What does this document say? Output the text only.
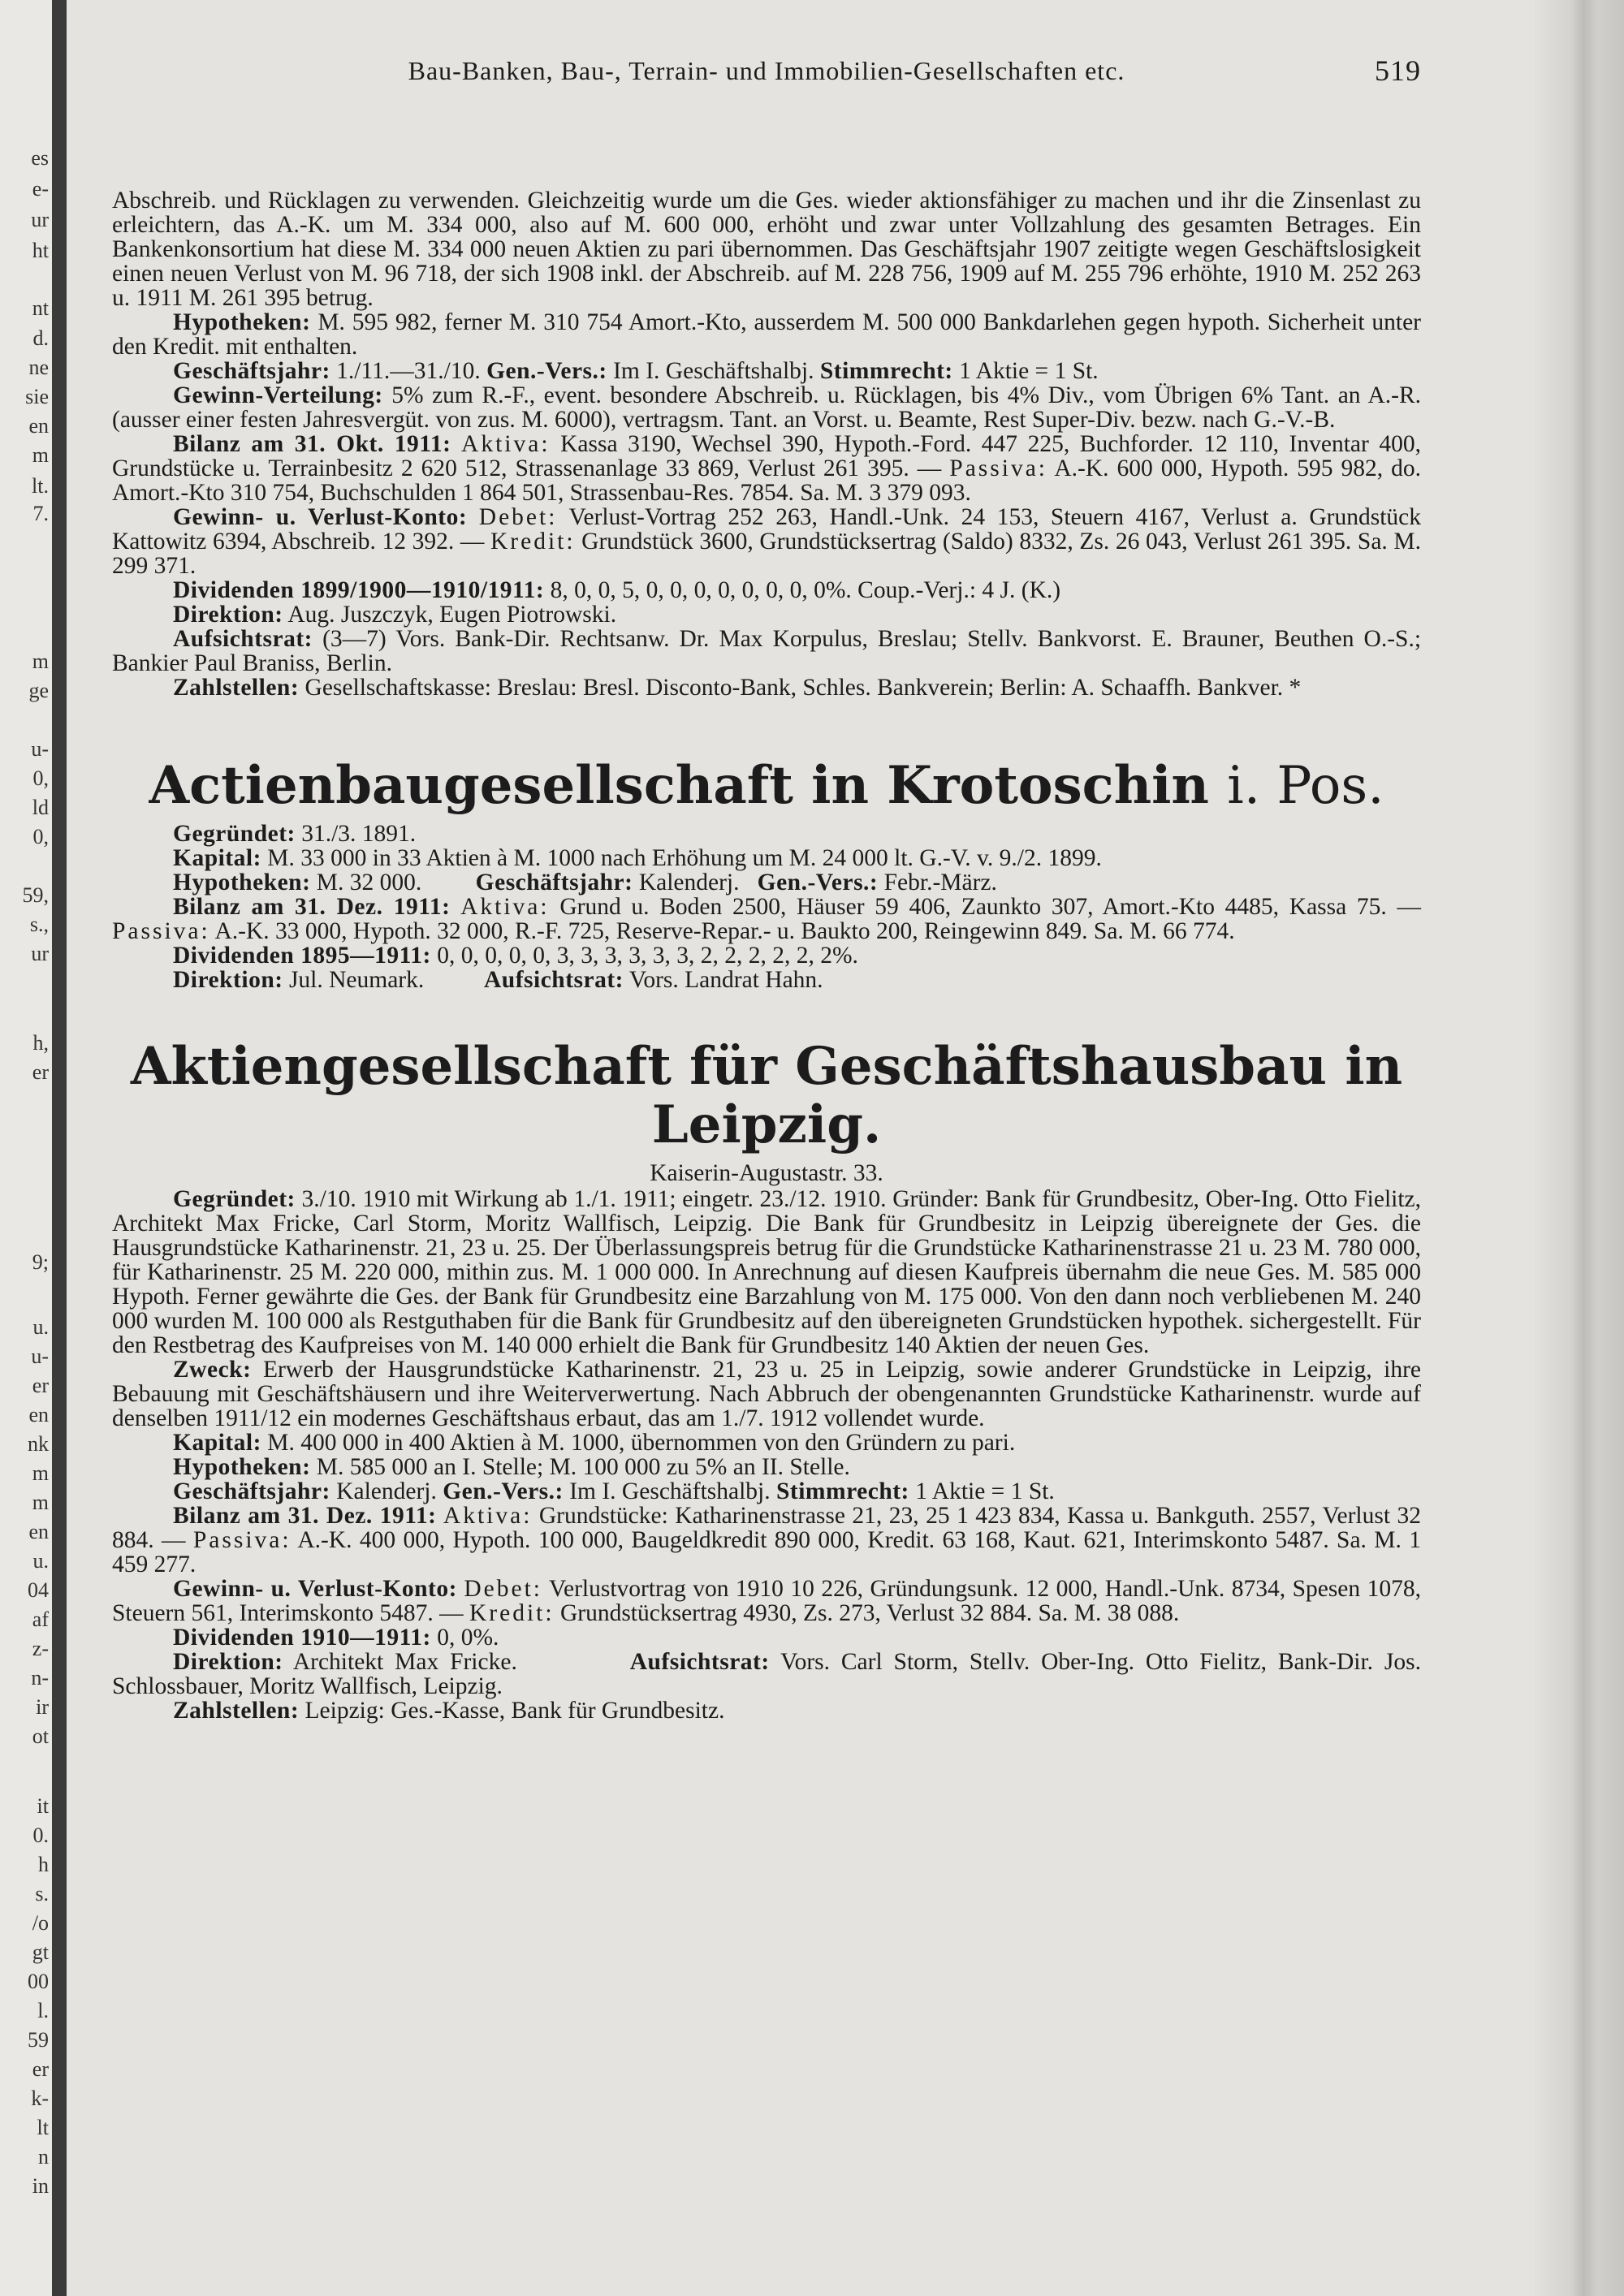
es
e-
ur
ht
nt
d.
ne
sie
en
m
lt.
7.
m
ge
u-
0,
ld
0,
59,
s.,
ur
h,
er
9;
u.
u-
er
en
nk
m
m
en
u.
04
af
z-
n-
ir
ot
it
0.
h
s.
/o
gt
00
l.
59
er
k-
lt
n
in
Bau-Banken, Bau-, Terrain- und Immobilien-Gesellschaften etc.	519

Abschreib. und Rücklagen zu verwenden. Gleichzeitig wurde um die Ges. wieder aktionsfähiger zu machen und ihr die Zinsenlast zu erleichtern, das A.-K. um M. 334 000, also auf M. 600 000, erhöht und zwar unter Vollzahlung des gesamten Betrages. Ein Bankenkonsortium hat diese M. 334 000 neuen Aktien zu pari übernommen. Das Geschäftsjahr 1907 zeitigte wegen Geschäftslosigkeit einen neuen Verlust von M. 96 718, der sich 1908 inkl. der Abschreib. auf M. 228 756, 1909 auf M. 255 796 erhöhte, 1910 M. 252 263 u. 1911 M. 261 395 betrug.

Hypotheken: M. 595 982, ferner M. 310 754 Amort.-Kto, ausserdem M. 500 000 Bankdarlehen gegen hypoth. Sicherheit unter den Kredit. mit enthalten.

Geschäftsjahr: 1./11.—31./10. Gen.-Vers.: Im I. Geschäftshalbj. Stimmrecht: 1 Aktie = 1 St.

Gewinn-Verteilung: 5% zum R.-F., event. besondere Abschreib. u. Rücklagen, bis 4% Div., vom Übrigen 6% Tant. an A.-R. (ausser einer festen Jahresvergüt. von zus. M. 6000), vertragsm. Tant. an Vorst. u. Beamte, Rest Super-Div. bezw. nach G.-V.-B.

Bilanz am 31. Okt. 1911: Aktiva: Kassa 3190, Wechsel 390, Hypoth.-Ford. 447 225, Buchforder. 12 110, Inventar 400, Grundstücke u. Terrainbesitz 2 620 512, Strassenanlage 33 869, Verlust 261 395. — Passiva: A.-K. 600 000, Hypoth. 595 982, do. Amort.-Kto 310 754, Buchschulden 1 864 501, Strassenbau-Res. 7854. Sa. M. 3 379 093.

Gewinn- u. Verlust-Konto: Debet: Verlust-Vortrag 252 263, Handl.-Unk. 24 153, Steuern 4167, Verlust a. Grundstück Kattowitz 6394, Abschreib. 12 392. — Kredit: Grundstück 3600, Grundstücksertrag (Saldo) 8332, Zs. 26 043, Verlust 261 395. Sa. M. 299 371.

Dividenden 1899/1900—1910/1911: 8, 0, 0, 5, 0, 0, 0, 0, 0, 0, 0, 0%. Coup.-Verj.: 4 J. (K.)

Direktion: Aug. Juszczyk, Eugen Piotrowski.

Aufsichtsrat: (3—7) Vors. Bank-Dir. Rechtsanw. Dr. Max Korpulus, Breslau; Stellv. Bankvorst. E. Brauner, Beuthen O.-S.; Bankier Paul Braniss, Berlin.

Zahlstellen: Gesellschaftskasse: Breslau: Bresl. Disconto-Bank, Schles. Bankverein; Berlin: A. Schaaffh. Bankver. *

Actienbaugesellschaft in Krotoschin i. Pos.

Gegründet: 31./3. 1891.

Kapital: M. 33 000 in 33 Aktien à M. 1000 nach Erhöhung um M. 24 000 lt. G.-V. v. 9./2. 1899.

Hypotheken: M. 32 000. Geschäftsjahr: Kalenderj. Gen.-Vers.: Febr.-März.

Bilanz am 31. Dez. 1911: Aktiva: Grund u. Boden 2500, Häuser 59 406, Zaunkto 307, Amort.-Kto 4485, Kassa 75. — Passiva: A.-K. 33 000, Hypoth. 32 000, R.-F. 725, Reserve-Repar.- u. Baukto 200, Reingewinn 849. Sa. M. 66 774.

Dividenden 1895—1911: 0, 0, 0, 0, 0, 3, 3, 3, 3, 3, 3, 2, 2, 2, 2, 2, 2%.

Direktion: Jul. Neumark.	Aufsichtsrat: Vors. Landrat Hahn.

Aktiengesellschaft für Geschäftshausbau in Leipzig.

Kaiserin-Augustastr. 33.

Gegründet: 3./10. 1910 mit Wirkung ab 1./1. 1911; eingetr. 23./12. 1910. Gründer: Bank für Grundbesitz, Ober-Ing. Otto Fielitz, Architekt Max Fricke, Carl Storm, Moritz Wallfisch, Leipzig. Die Bank für Grundbesitz in Leipzig übereignete der Ges. die Hausgrundstücke Katharinenstr. 21, 23 u. 25. Der Überlassungspreis betrug für die Grundstücke Katharinenstrasse 21 u. 23 M. 780 000, für Katharinenstr. 25 M. 220 000, mithin zus. M. 1 000 000. In Anrechnung auf diesen Kaufpreis übernahm die neue Ges. M. 585 000 Hypoth. Ferner gewährte die Ges. der Bank für Grundbesitz eine Barzahlung von M. 175 000. Von den dann noch verbliebenen M. 240 000 wurden M. 100 000 als Restguthaben für die Bank für Grundbesitz auf den übereigneten Grundstücken hypothek. sichergestellt. Für den Restbetrag des Kaufpreises von M. 140 000 erhielt die Bank für Grundbesitz 140 Aktien der neuen Ges.

Zweck: Erwerb der Hausgrundstücke Katharinenstr. 21, 23 u. 25 in Leipzig, sowie anderer Grundstücke in Leipzig, ihre Bebauung mit Geschäftshäusern und ihre Weiterverwertung. Nach Abbruch der obengenannten Grundstücke Katharinenstr. wurde auf denselben 1911/12 ein modernes Geschäftshaus erbaut, das am 1./7. 1912 vollendet wurde.

Kapital: M. 400 000 in 400 Aktien à M. 1000, übernommen von den Gründern zu pari.

Hypotheken: M. 585 000 an I. Stelle; M. 100 000 zu 5% an II. Stelle.

Geschäftsjahr: Kalenderj. Gen.-Vers.: Im I. Geschäftshalbj. Stimmrecht: 1 Aktie = 1 St.

Bilanz am 31. Dez. 1911: Aktiva: Grundstücke: Katharinenstrasse 21, 23, 25 1 423 834, Kassa u. Bankguth. 2557, Verlust 32 884. — Passiva: A.-K. 400 000, Hypoth. 100 000, Baugeldkredit 890 000, Kredit. 63 168, Kaut. 621, Interimskonto 5487. Sa. M. 1 459 277.

Gewinn- u. Verlust-Konto: Debet: Verlustvortrag von 1910 10 226, Gründungsunk. 12 000, Handl.-Unk. 8734, Spesen 1078, Steuern 561, Interimskonto 5487. — Kredit: Grundstücksertrag 4930, Zs. 273, Verlust 32 884. Sa. M. 38 088.

Dividenden 1910—1911: 0, 0%.

Direktion: Architekt Max Fricke.	Aufsichtsrat: Vors. Carl Storm, Stellv. Ober-Ing. Otto Fielitz, Bank-Dir. Jos. Schlossbauer, Moritz Wallfisch, Leipzig.

Zahlstellen: Leipzig: Ges.-Kasse, Bank für Grundbesitz.
